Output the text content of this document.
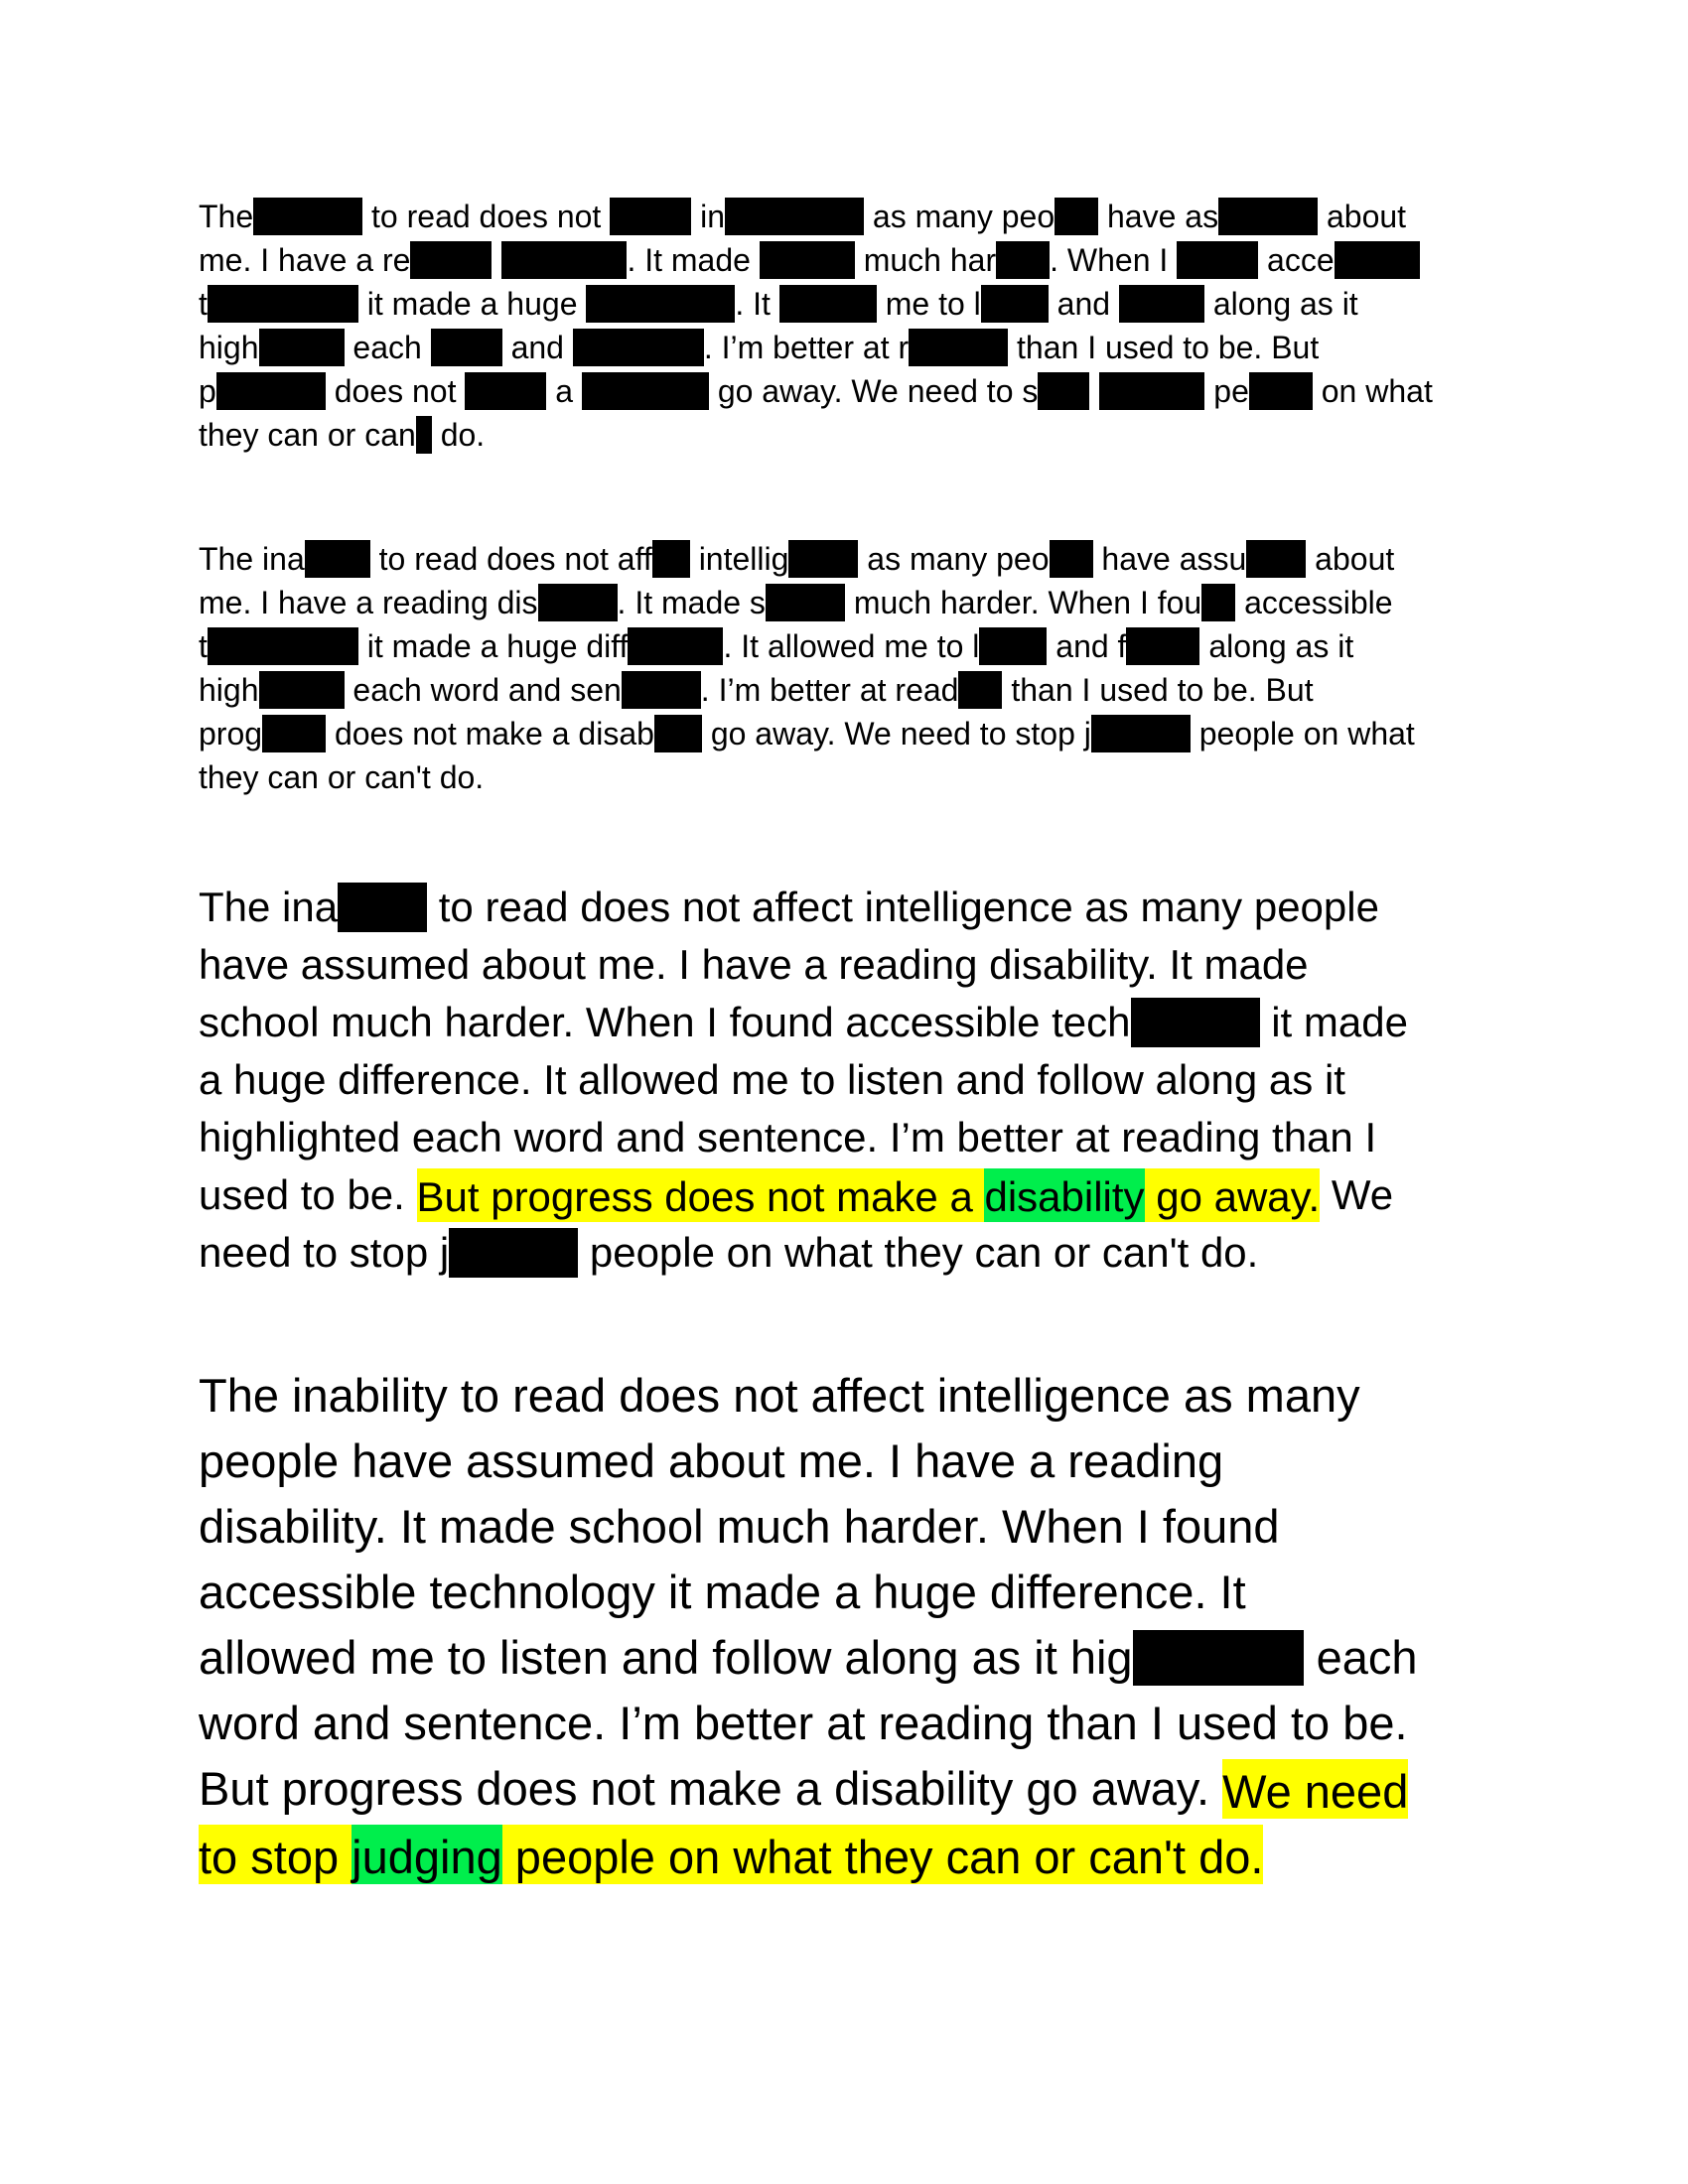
The	to read does not	in	as many peo have as	about
me. I have a re	. It made	much har . When I	acce
t	it made a huge	. It	me to l and	along as it
high	each  and	. I’m better at r	than I used to be. But
p	does not	a	go away. We need to s	pe on what
they can or can do.
The ina to read does not aff intellig as many peo have assu about
me. I have a reading dis	. It made s	much harder. When I fou accessible
t	it made a huge diff	. It allowed me to l and f along as it
high	each word and sen	. I’m better at read than I used to be. But
prog does not make a disab go away. We need to stop j	people on what
they can or can't do.
The ina to read does not affect intelligence as many people
have assumed about me. I have a reading disability. It made
school much harder. When I found accessible tech	it made
a huge difference. It allowed me to listen and follow along as it
highlighted each word and sentence. I’m better at reading than I
used to be. But progress does not make a disability go away. We
need to stop j	people on what they can or can't do.
The inability to read does not affect intelligence as many
people have assumed about me. I have a reading
disability. It made school much harder. When I found
accessible technology it made a huge difference. It
allowed me to listen and follow along as it hig	each
word and sentence. I’m better at reading than I used to be.
But progress does not make a disability go away. We need
to stop judging people on what they can or can't do.
